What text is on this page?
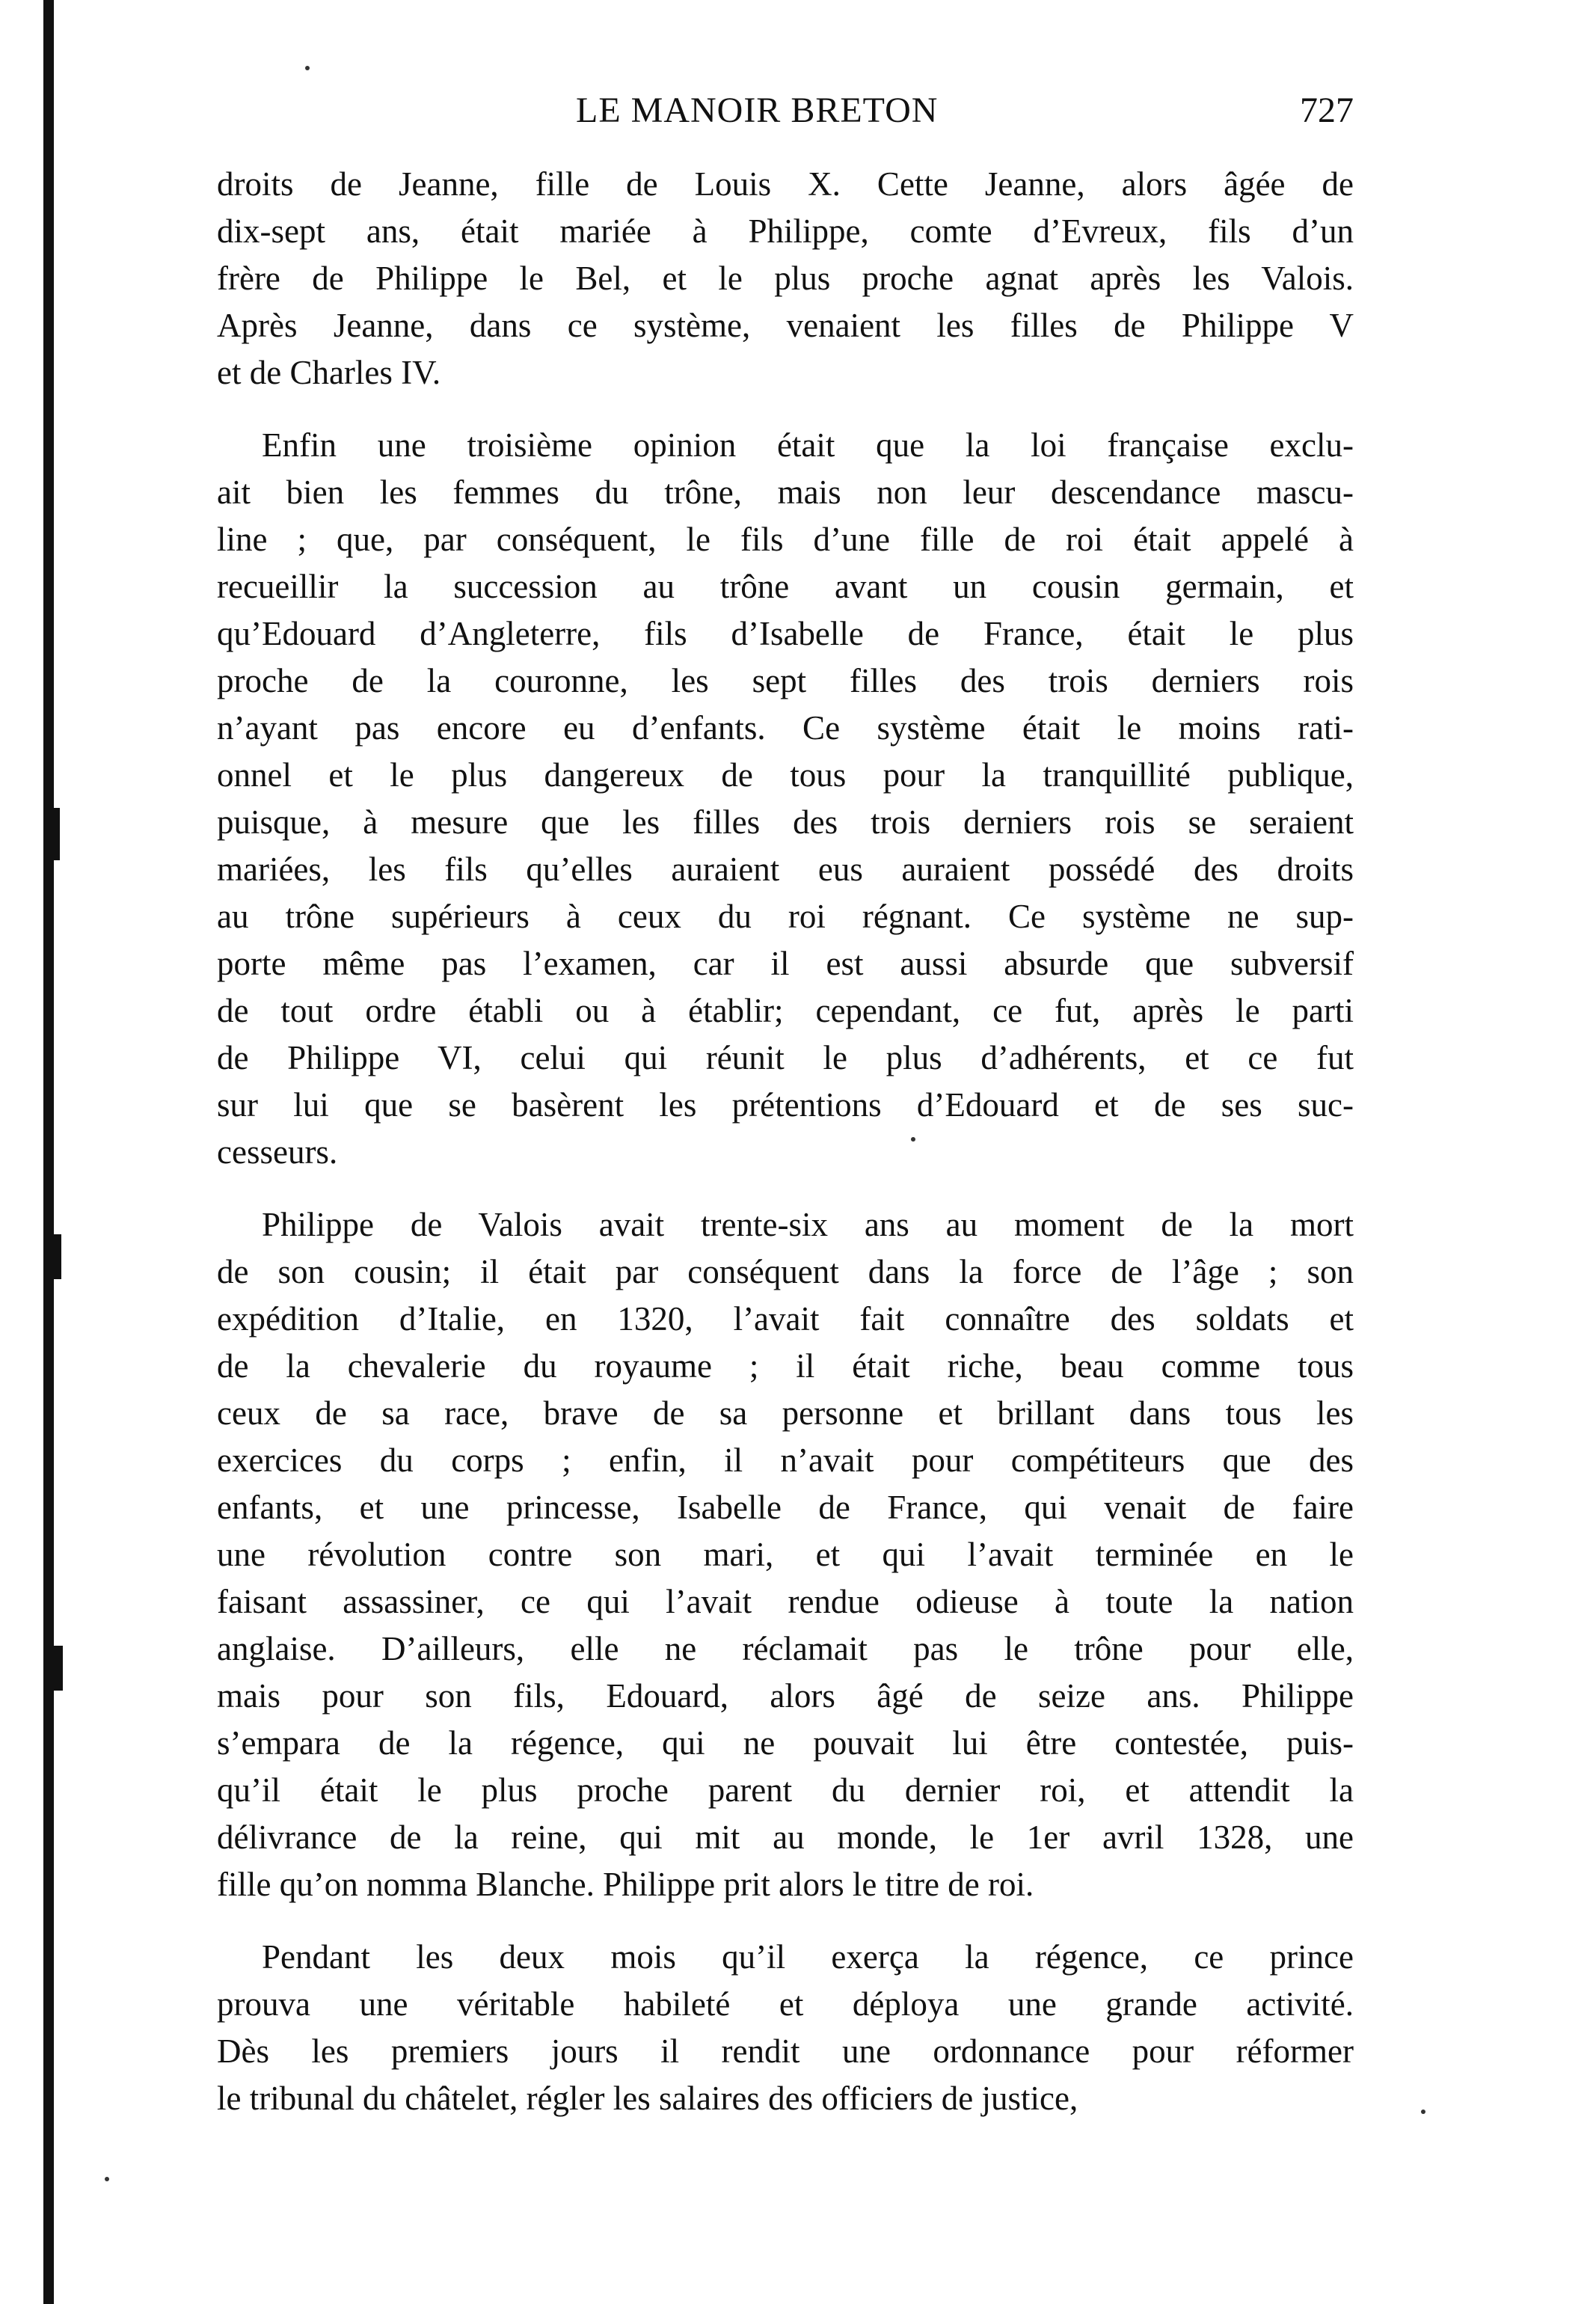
LE MANOIR BRETON	727

droits de Jeanne, fille de Louis X. Cette Jeanne, alors âgée de
dix-sept ans, était mariée à Philippe, comte d’Evreux, fils d’un
frère de Philippe le Bel, et le plus proche agnat après les Valois.
Après Jeanne, dans ce système, venaient les filles de Philippe V
et de Charles IV.

Enfin une troisième opinion était que la loi française exclu-
ait bien les femmes du trône, mais non leur descendance mascu-
line ; que, par conséquent, le fils d’une fille de roi était appelé à
recueillir la succession au trône avant un cousin germain, et
qu’Edouard d’Angleterre, fils d’Isabelle de France, était le plus
proche de la couronne, les sept filles des trois derniers rois
n’ayant pas encore eu d’enfants. Ce système était le moins rati-
onnel et le plus dangereux de tous pour la tranquillité publique,
puisque, à mesure que les filles des trois derniers rois se seraient
mariées, les fils qu’elles auraient eus auraient possédé des droits
au trône supérieurs à ceux du roi régnant. Ce système ne sup-
porte même pas l’examen, car il est aussi absurde que subversif
de tout ordre établi ou à établir; cependant, ce fut, après le parti
de Philippe VI, celui qui réunit le plus d’adhérents, et ce fut
sur lui que se basèrent les prétentions d’Edouard et de ses suc-
cesseurs.

Philippe de Valois avait trente-six ans au moment de la mort
de son cousin; il était par conséquent dans la force de l’âge ; son
expédition d’Italie, en 1320, l’avait fait connaître des soldats et
de la chevalerie du royaume ; il était riche, beau comme tous
ceux de sa race, brave de sa personne et brillant dans tous les
exercices du corps ; enfin, il n’avait pour compétiteurs que des
enfants, et une princesse, Isabelle de France, qui venait de faire
une révolution contre son mari, et qui l’avait terminée en le
faisant assassiner, ce qui l’avait rendue odieuse à toute la nation
anglaise. D’ailleurs, elle ne réclamait pas le trône pour elle,
mais pour son fils, Edouard, alors âgé de seize ans. Philippe
s’empara de la régence, qui ne pouvait lui être contestée, puis-
qu’il était le plus proche parent du dernier roi, et attendit la
délivrance de la reine, qui mit au monde, le 1er avril 1328, une
fille qu’on nomma Blanche. Philippe prit alors le titre de roi.

Pendant les deux mois qu’il exerça la régence, ce prince
prouva une véritable habileté et déploya une grande activité.
Dès les premiers jours il rendit une ordonnance pour réformer
le tribunal du châtelet, régler les salaires des officiers de justice,
